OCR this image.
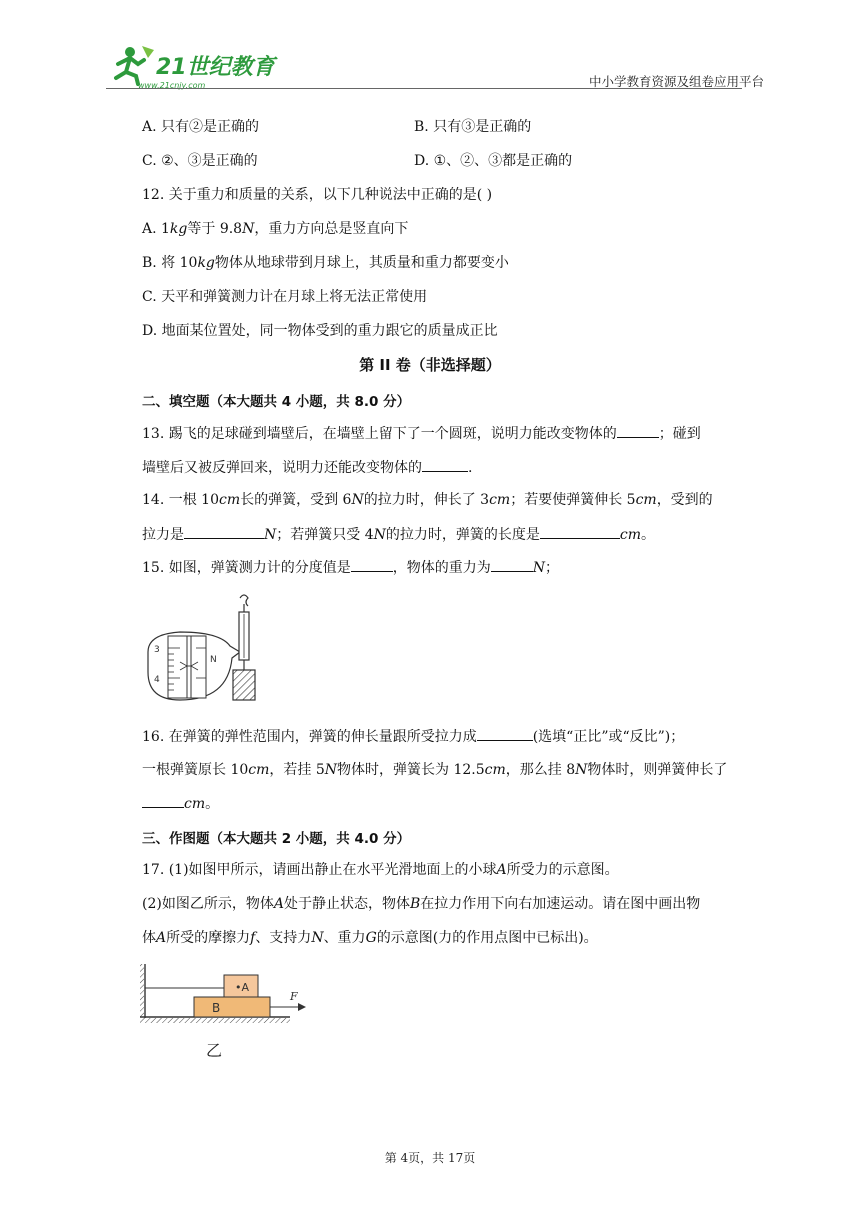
21世纪教育
www.21cnjy.com	中小学教育资源及组卷应用平台
A. 只有②是正确的	B. 只有③是正确的
C. ②、③是正确的	D. ①、②、③都是正确的
12. 关于重力和质量的关系，以下几种说法中正确的是( )
A. 1kg等于 9.8N，重力方向总是竖直向下
B. 将 10kg物体从地球带到月球上，其质量和重力都要变小
C. 天平和弹簧测力计在月球上将无法正常使用
D. 地面某位置处，同一物体受到的重力跟它的质量成正比
第 II 卷（非选择题）
二、填空题（本大题共 4 小题，共 8.0 分）
13. 踢飞的足球碰到墙壁后，在墙壁上留下了一个圆斑，说明力能改变物体的	；碰到
墙壁后又被反弹回来，说明力还能改变物体的	.
14. 一根 10cm长的弹簧，受到 6N的拉力时，伸长了 3cm；若要使弹簧伸长 5cm，受到的
拉力是	N；若弹簧只受 4N的拉力时，弹簧的长度是	cm。
15. 如图，弹簧测力计的分度值是	，物体的重力为	N；
3
4
N
16. 在弹簧的弹性范围内，弹簧的伸长量跟所受拉力成	(选填“正比”或“反比”)；
一根弹簧原长 10cm，若挂 5N物体时，弹簧长为 12.5cm，那么挂 8N物体时，则弹簧伸长了
cm。
三、作图题（本大题共 2 小题，共 4.0 分）
17. (1)如图甲所示，请画出静止在水平光滑地面上的小球A所受力的示意图。
(2)如图乙所示，物体A处于静止状态，物体B在拉力作用下向右加速运动。请在图中画出物
体A所受的摩擦力f、支持力N、重力G的示意图(力的作用点图中已标出)。
B
•A
F
乙
第 4页，共 17页
